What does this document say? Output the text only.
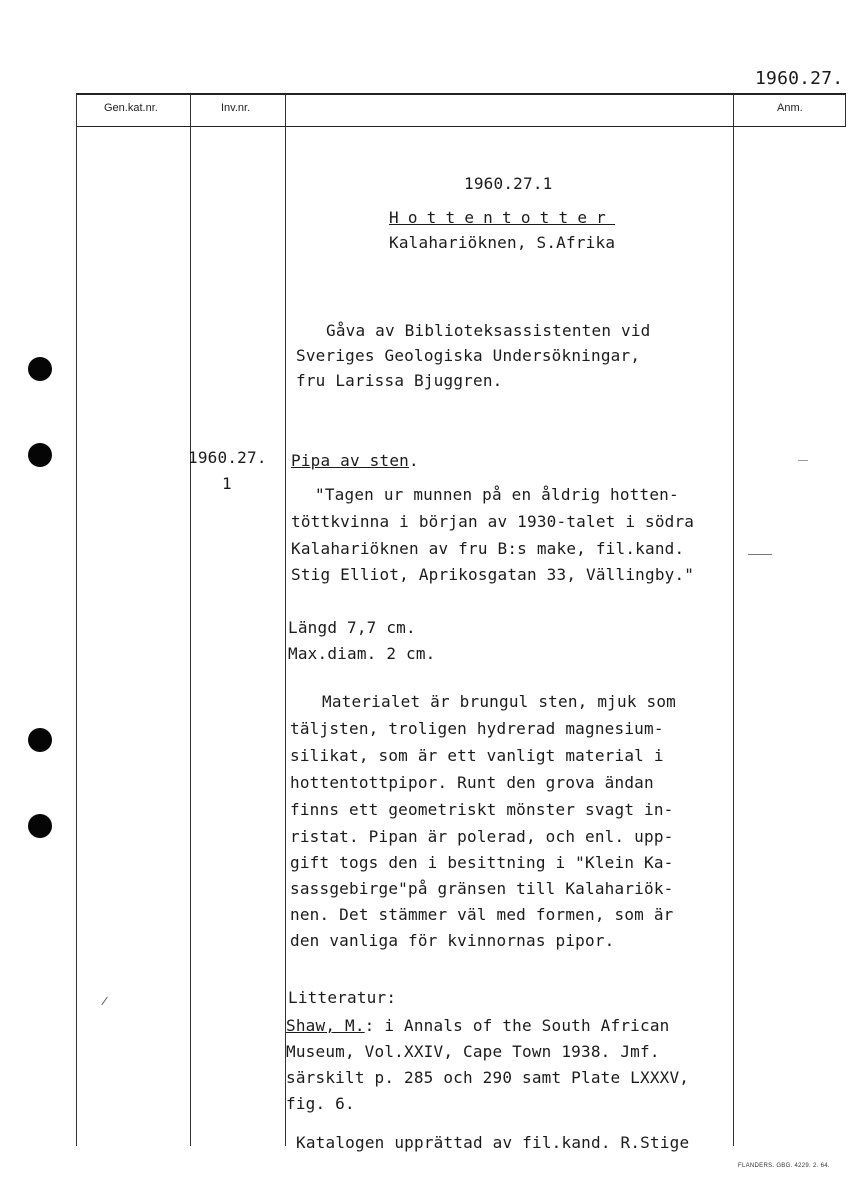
1960.27.
Gen.kat.nr.	Inv.nr.	Anm.
1960.27.
1
1960.27.1
Hottentotter
Kalahariöknen, S.Afrika
Gåva av Biblioteksassistenten vid
Sveriges Geologiska Undersökningar,
fru Larissa Bjuggren.
Pipa av sten.
"Tagen ur munnen på en åldrig hotten-
töttkvinna i början av 1930-talet i södra
Kalahariöknen av fru B:s make, fil.kand.
Stig Elliot, Aprikosgatan 33, Vällingby."
Längd 7,7 cm.
Max.diam. 2 cm.
Materialet är brungul sten, mjuk som
täljsten, troligen hydrerad magnesium-
silikat, som är ett vanligt material i
hottentottpipor. Runt den grova ändan
finns ett geometriskt mönster svagt in-
ristat. Pipan är polerad, och enl. upp-
gift togs den i besittning i "Klein Ka-
sassgebirge"på gränsen till Kalahariök-
nen. Det stämmer väl med formen, som är
den vanliga för kvinnornas pipor.
Litteratur:
Shaw, M.: i Annals of the South African
Museum, Vol.XXIV, Cape Town 1938. Jmf.
särskilt p. 285 och 290 samt Plate LXXXV,
fig. 6.
Katalogen upprättad av fil.kand. R.Stige
FLANDERS. GBG. 4229. 2. 64.
